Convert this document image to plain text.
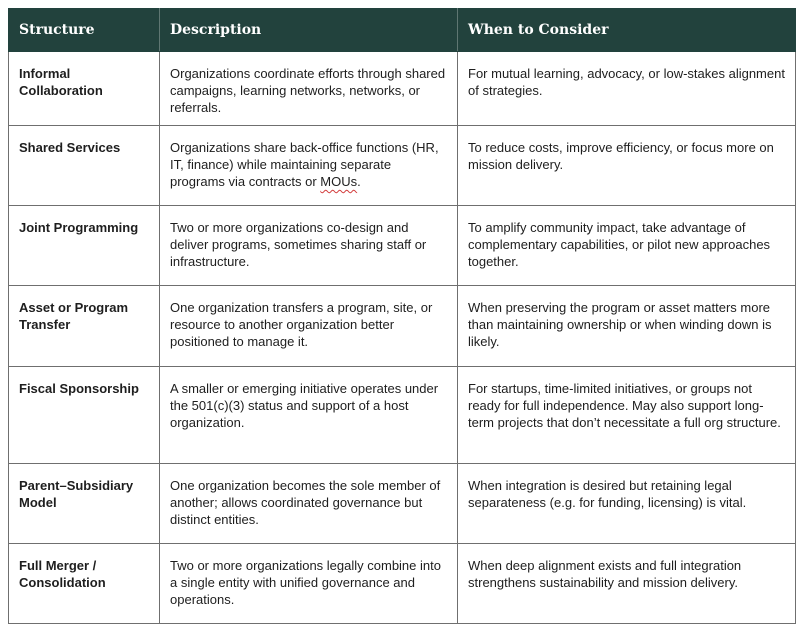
Structure	Description	When to Consider
Informal Collaboration	Organizations coordinate efforts through shared campaigns, learning networks, networks, or referrals.	For mutual learning, advocacy, or low-stakes alignment of strategies.
Shared Services	Organizations share back-office functions (HR, IT, finance) while maintaining separate programs via contracts or MOUs.	To reduce costs, improve efficiency, or focus more on mission delivery.
Joint Programming	Two or more organizations co-design and deliver programs, sometimes sharing staff or infrastructure.	To amplify community impact, take advantage of complementary capabilities, or pilot new approaches together.
Asset or Program Transfer	One organization transfers a program, site, or resource to another organization better positioned to manage it.	When preserving the program or asset matters more than maintaining ownership or when winding down is likely.
Fiscal Sponsorship	A smaller or emerging initiative operates under the 501(c)(3) status and support of a host organization.	For startups, time-limited initiatives, or groups not ready for full independence. May also support long-term projects that don’t necessitate a full org structure.
Parent–Subsidiary Model	One organization becomes the sole member of another; allows coordinated governance but distinct entities.	When integration is desired but retaining legal separateness (e.g. for funding, licensing) is vital.
Full Merger / Consolidation	Two or more organizations legally combine into a single entity with unified governance and operations.	When deep alignment exists and full integration strengthens sustainability and mission delivery.
